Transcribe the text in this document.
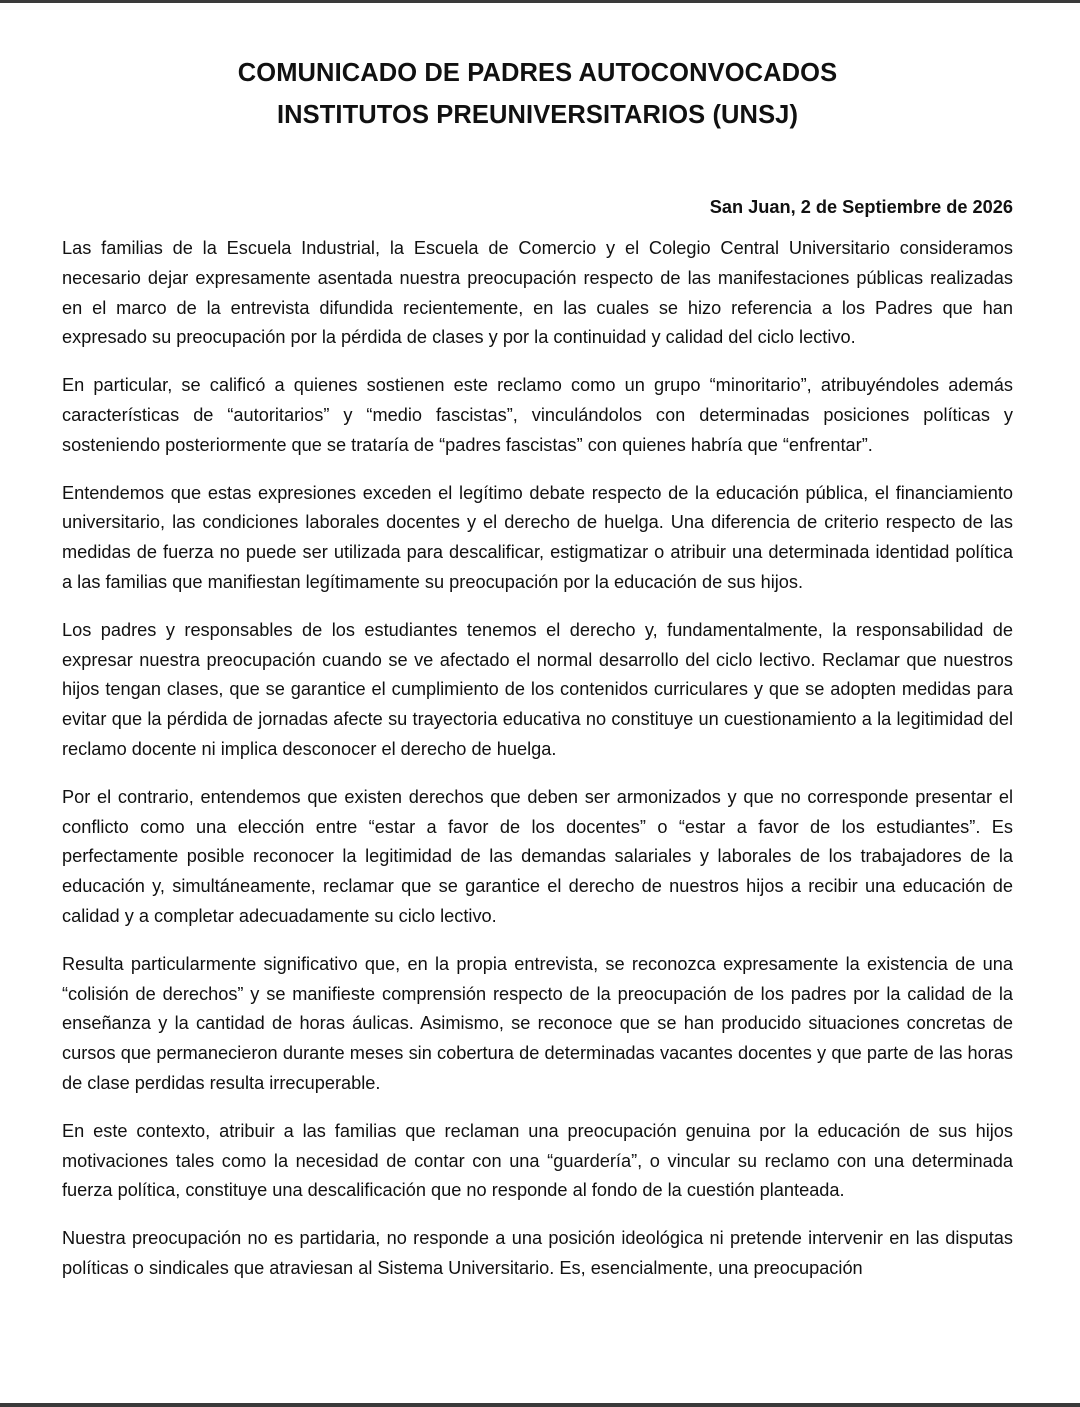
COMUNICADO DE PADRES AUTOCONVOCADOS
INSTITUTOS PREUNIVERSITARIOS (UNSJ)
San Juan, 2 de Septiembre de 2026

Las familias de la Escuela Industrial, la Escuela de Comercio y el Colegio Central Universitario consideramos necesario dejar expresamente asentada nuestra preocupación respecto de las manifestaciones públicas realizadas en el marco de la entrevista difundida recientemente, en las cuales se hizo referencia a los Padres que han expresado su preocupación por la pérdida de clases y por la continuidad y calidad del ciclo lectivo.

En particular, se calificó a quienes sostienen este reclamo como un grupo “minoritario”, atribuyéndoles además características de “autoritarios” y “medio fascistas”, vinculándolos con determinadas posiciones políticas y sosteniendo posteriormente que se trataría de “padres fascistas” con quienes habría que “enfrentar”.

Entendemos que estas expresiones exceden el legítimo debate respecto de la educación pública, el financiamiento universitario, las condiciones laborales docentes y el derecho de huelga. Una diferencia de criterio respecto de las medidas de fuerza no puede ser utilizada para descalificar, estigmatizar o atribuir una determinada identidad política a las familias que manifiestan legítimamente su preocupación por la educación de sus hijos.

Los padres y responsables de los estudiantes tenemos el derecho y, fundamentalmente, la responsabilidad de expresar nuestra preocupación cuando se ve afectado el normal desarrollo del ciclo lectivo. Reclamar que nuestros hijos tengan clases, que se garantice el cumplimiento de los contenidos curriculares y que se adopten medidas para evitar que la pérdida de jornadas afecte su trayectoria educativa no constituye un cuestionamiento a la legitimidad del reclamo docente ni implica desconocer el derecho de huelga.

Por el contrario, entendemos que existen derechos que deben ser armonizados y que no corresponde presentar el conflicto como una elección entre “estar a favor de los docentes” o “estar a favor de los estudiantes”. Es perfectamente posible reconocer la legitimidad de las demandas salariales y laborales de los trabajadores de la educación y, simultáneamente, reclamar que se garantice el derecho de nuestros hijos a recibir una educación de calidad y a completar adecuadamente su ciclo lectivo.

Resulta particularmente significativo que, en la propia entrevista, se reconozca expresamente la existencia de una “colisión de derechos” y se manifieste comprensión respecto de la preocupación de los padres por la calidad de la enseñanza y la cantidad de horas áulicas. Asimismo, se reconoce que se han producido situaciones concretas de cursos que permanecieron durante meses sin cobertura de determinadas vacantes docentes y que parte de las horas de clase perdidas resulta irrecuperable.

En este contexto, atribuir a las familias que reclaman una preocupación genuina por la educación de sus hijos motivaciones tales como la necesidad de contar con una “guardería”, o vincular su reclamo con una determinada fuerza política, constituye una descalificación que no responde al fondo de la cuestión planteada.

Nuestra preocupación no es partidaria, no responde a una posición ideológica ni pretende intervenir en las disputas políticas o sindicales que atraviesan al Sistema Universitario. Es, esencialmente, una preocupación
